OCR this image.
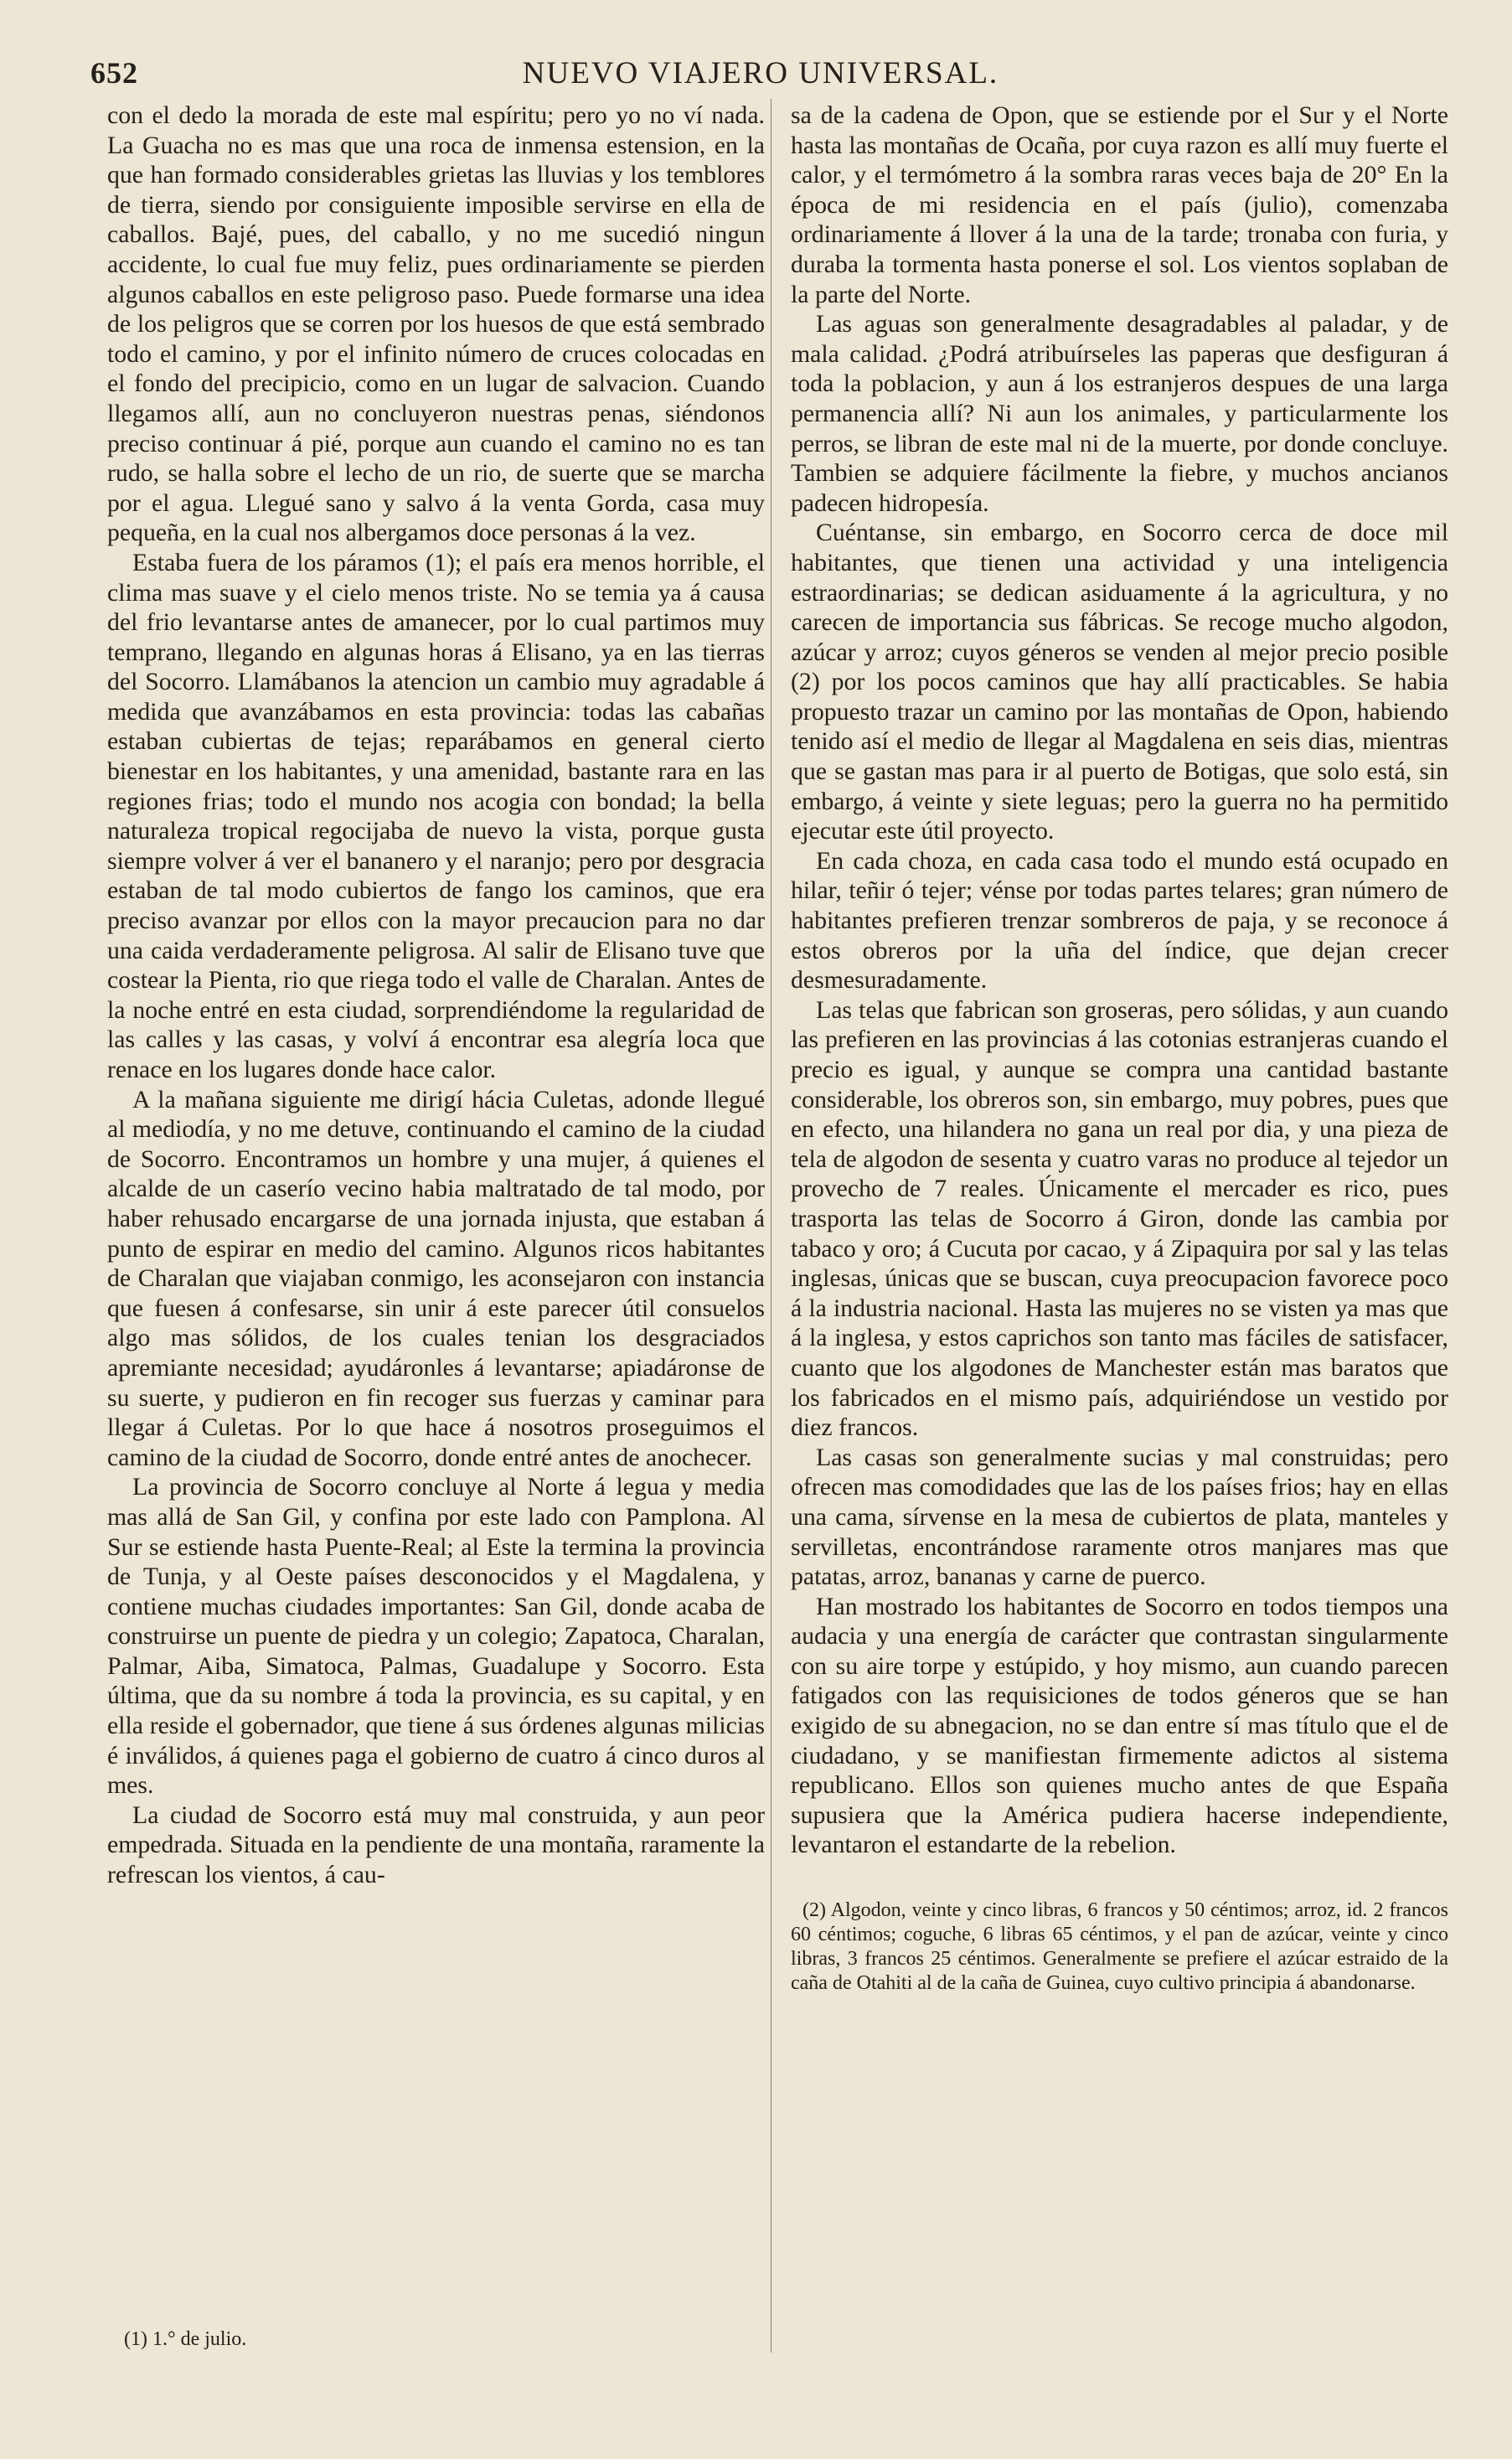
652	NUEVO VIAJERO UNIVERSAL.

con el dedo la morada de este mal espíritu; pero yo no ví nada. La Guacha no es mas que una roca de inmensa estension, en la que han formado considerables grietas las lluvias y los temblores de tierra, siendo por consiguiente imposible servirse en ella de caballos. Bajé, pues, del caballo, y no me sucedió ningun accidente, lo cual fue muy feliz, pues ordinariamente se pierden algunos caballos en este peligroso paso. Puede formarse una idea de los peligros que se corren por los huesos de que está sembrado todo el camino, y por el infinito número de cruces colocadas en el fondo del precipicio, como en un lugar de salvacion. Cuando llegamos allí, aun no concluyeron nuestras penas, siéndonos preciso continuar á pié, porque aun cuando el camino no es tan rudo, se halla sobre el lecho de un rio, de suerte que se marcha por el agua. Llegué sano y salvo á la venta Gorda, casa muy pequeña, en la cual nos albergamos doce personas á la vez.

Estaba fuera de los páramos (1); el país era menos horrible, el clima mas suave y el cielo menos triste. No se temia ya á causa del frio levantarse antes de amanecer, por lo cual partimos muy temprano, llegando en algunas horas á Elisano, ya en las tierras del Socorro. Llamábanos la atencion un cambio muy agradable á medida que avanzábamos en esta provincia: todas las cabañas estaban cubiertas de tejas; reparábamos en general cierto bienestar en los habitantes, y una amenidad, bastante rara en las regiones frias; todo el mundo nos acogia con bondad; la bella naturaleza tropical regocijaba de nuevo la vista, porque gusta siempre volver á ver el bananero y el naranjo; pero por desgracia estaban de tal modo cubiertos de fango los caminos, que era preciso avanzar por ellos con la mayor precaucion para no dar una caida verdaderamente peligrosa. Al salir de Elisano tuve que costear la Pienta, rio que riega todo el valle de Charalan. Antes de la noche entré en esta ciudad, sorprendiéndome la regularidad de las calles y las casas, y volví á encontrar esa alegría loca que renace en los lugares donde hace calor.

A la mañana siguiente me dirigí hácia Culetas, adonde llegué al mediodía, y no me detuve, continuando el camino de la ciudad de Socorro. Encontramos un hombre y una mujer, á quienes el alcalde de un caserío vecino habia maltratado de tal modo, por haber rehusado encargarse de una jornada injusta, que estaban á punto de espirar en medio del camino. Algunos ricos habitantes de Charalan que viajaban conmigo, les aconsejaron con instancia que fuesen á confesarse, sin unir á este parecer útil consuelos algo mas sólidos, de los cuales tenian los desgraciados apremiante necesidad; ayudáronles á levantarse; apiadáronse de su suerte, y pudieron en fin recoger sus fuerzas y caminar para llegar á Culetas. Por lo que hace á nosotros proseguimos el camino de la ciudad de Socorro, donde entré antes de anochecer.

La provincia de Socorro concluye al Norte á legua y media mas allá de San Gil, y confina por este lado con Pamplona. Al Sur se estiende hasta Puente-Real; al Este la termina la provincia de Tunja, y al Oeste países desconocidos y el Magdalena, y contiene muchas ciudades importantes: San Gil, donde acaba de construirse un puente de piedra y un colegio; Zapatoca, Charalan, Palmar, Aiba, Simatoca, Palmas, Guadalupe y Socorro. Esta última, que da su nombre á toda la provincia, es su capital, y en ella reside el gobernador, que tiene á sus órdenes algunas milicias é inválidos, á quienes paga el gobierno de cuatro á cinco duros al mes.

La ciudad de Socorro está muy mal construida, y aun peor empedrada. Situada en la pendiente de una montaña, raramente la refrescan los vientos, á cau-

sa de la cadena de Opon, que se estiende por el Sur y el Norte hasta las montañas de Ocaña, por cuya razon es allí muy fuerte el calor, y el termómetro á la sombra raras veces baja de 20° En la época de mi residencia en el país (julio), comenzaba ordinariamente á llover á la una de la tarde; tronaba con furia, y duraba la tormenta hasta ponerse el sol. Los vientos soplaban de la parte del Norte.

Las aguas son generalmente desagradables al paladar, y de mala calidad. ¿Podrá atribuírseles las paperas que desfiguran á toda la poblacion, y aun á los estranjeros despues de una larga permanencia allí? Ni aun los animales, y particularmente los perros, se libran de este mal ni de la muerte, por donde concluye. Tambien se adquiere fácilmente la fiebre, y muchos ancianos padecen hidropesía.

Cuéntanse, sin embargo, en Socorro cerca de doce mil habitantes, que tienen una actividad y una inteligencia estraordinarias; se dedican asiduamente á la agricultura, y no carecen de importancia sus fábricas. Se recoge mucho algodon, azúcar y arroz; cuyos géneros se venden al mejor precio posible (2) por los pocos caminos que hay allí practicables. Se habia propuesto trazar un camino por las montañas de Opon, habiendo tenido así el medio de llegar al Magdalena en seis dias, mientras que se gastan mas para ir al puerto de Botigas, que solo está, sin embargo, á veinte y siete leguas; pero la guerra no ha permitido ejecutar este útil proyecto.

En cada choza, en cada casa todo el mundo está ocupado en hilar, teñir ó tejer; vénse por todas partes telares; gran número de habitantes prefieren trenzar sombreros de paja, y se reconoce á estos obreros por la uña del índice, que dejan crecer desmesuradamente.

Las telas que fabrican son groseras, pero sólidas, y aun cuando las prefieren en las provincias á las cotonias estranjeras cuando el precio es igual, y aunque se compra una cantidad bastante considerable, los obreros son, sin embargo, muy pobres, pues que en efecto, una hilandera no gana un real por dia, y una pieza de tela de algodon de sesenta y cuatro varas no produce al tejedor un provecho de 7 reales. Únicamente el mercader es rico, pues trasporta las telas de Socorro á Giron, donde las cambia por tabaco y oro; á Cucuta por cacao, y á Zipaquira por sal y las telas inglesas, únicas que se buscan, cuya preocupacion favorece poco á la industria nacional. Hasta las mujeres no se visten ya mas que á la inglesa, y estos caprichos son tanto mas fáciles de satisfacer, cuanto que los algodones de Manchester están mas baratos que los fabricados en el mismo país, adquiriéndose un vestido por diez francos.

Las casas son generalmente sucias y mal construidas; pero ofrecen mas comodidades que las de los países frios; hay en ellas una cama, sírvense en la mesa de cubiertos de plata, manteles y servilletas, encontrándose raramente otros manjares mas que patatas, arroz, bananas y carne de puerco.

Han mostrado los habitantes de Socorro en todos tiempos una audacia y una energía de carácter que contrastan singularmente con su aire torpe y estúpido, y hoy mismo, aun cuando parecen fatigados con las requisiciones de todos géneros que se han exigido de su abnegacion, no se dan entre sí mas título que el de ciudadano, y se manifiestan firmemente adictos al sistema republicano. Ellos son quienes mucho antes de que España supusiera que la América pudiera hacerse independiente, levantaron el estandarte de la rebelion.

(2) Algodon, veinte y cinco libras, 6 francos y 50 céntimos; arroz, id. 2 francos 60 céntimos; coguche, 6 libras 65 céntimos, y el pan de azúcar, veinte y cinco libras, 3 francos 25 céntimos. Generalmente se prefiere el azúcar estraido de la caña de Otahiti al de la caña de Guinea, cuyo cultivo principia á abandonarse.

(1) 1.° de julio.
